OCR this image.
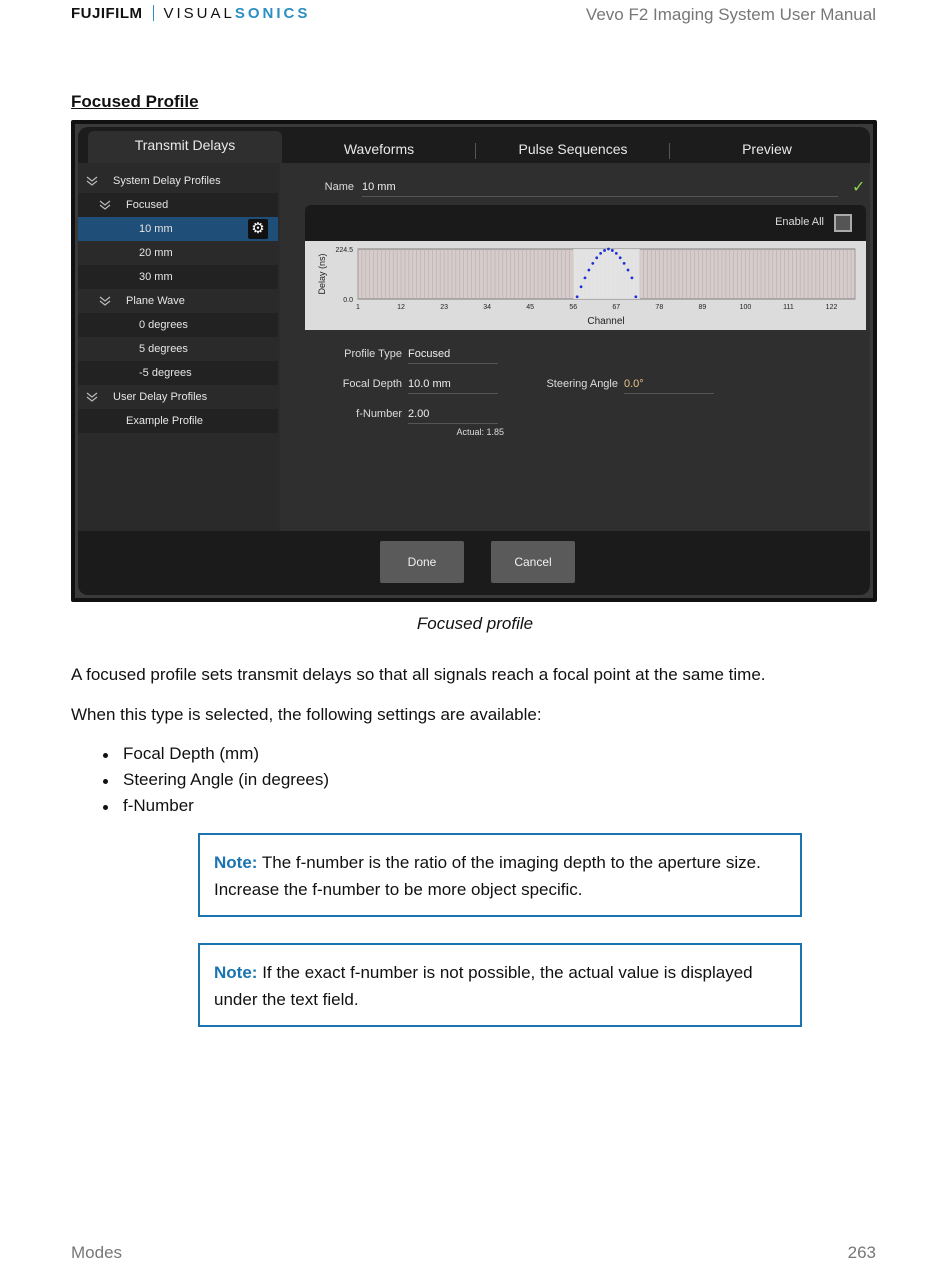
FUJIFILM VISUALSONICS	Vevo F2 Imaging System User Manual
Focused Profile
Transmit Delays	Waveforms	Pulse Sequences	Preview
System Delay Profiles
Focused
10 mm	⚙
20 mm
30 mm
Plane Wave
0 degrees
5 degrees
-5 degrees
User Delay Profiles
Example Profile
Name 10 mm	✓
Enable All
1	12	23	34	45	56	67	78	89	100	111	122
0.0
224.5
Channel
Delay (ns)
Profile Type Focused
Focal Depth 10.0 mm	Steering Angle 0.0°
f-Number 2.00
Actual: 1.85
Done	Cancel
Focused profile
A focused profile sets transmit delays so that all signals reach a focal point at the same time.
When this type is selected, the following settings are available:
Focal Depth (mm)
Steering Angle (in degrees)
f-Number
Note: The f-number is the ratio of the imaging depth to the aperture size. Increase the f-number to be more object specific.
Note: If the exact f-number is not possible, the actual value is displayed under the text field.
Modes	263
